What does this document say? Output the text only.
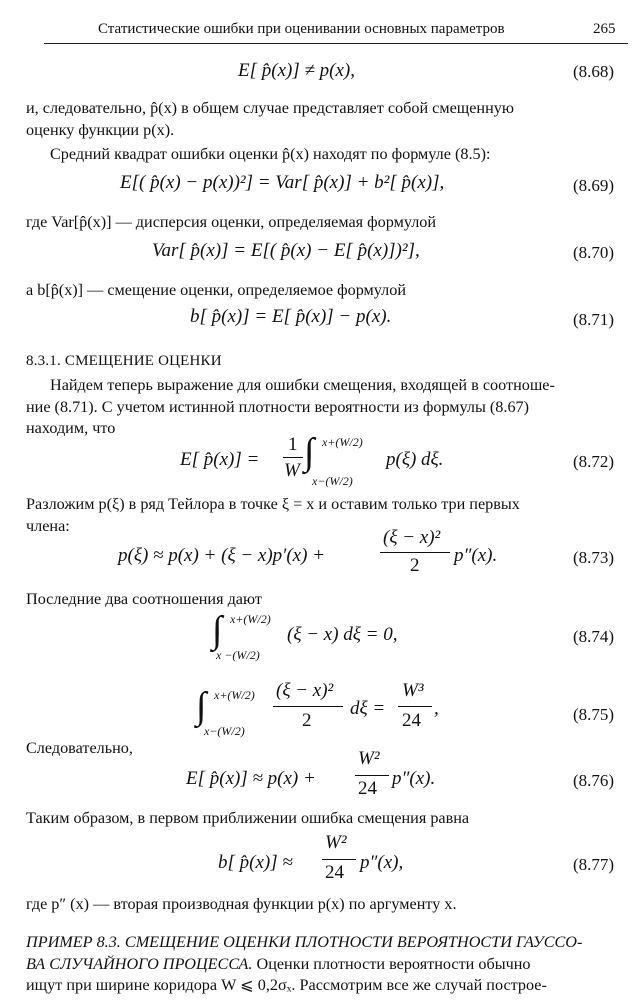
Статистические ошибки при оценивании основных параметров	265
E[ p̂(x)] ≠ p(x),	(8.68)
и, следовательно, p̂(x) в общем случае представляет собой смещенную
оценку функции p(x).
Средний квадрат ошибки оценки p̂(x) находят по формуле (8.5):
E[( p̂(x) − p(x))²] = Var[ p̂(x)] + b²[ p̂(x)],	(8.69)
где Var[p̂(x)] — дисперсия оценки, определяемая формулой
Var[ p̂(x)] = E[( p̂(x) − E[ p̂(x)])²],	(8.70)
а b[p̂(x)] — смещение оценки, определяемое формулой
b[ p̂(x)] = E[ p̂(x)] − p(x).	(8.71)
8.3.1. СМЕЩЕНИЕ ОЦЕНКИ
Найдем теперь выражение для ошибки смещения, входящей в соотноше-
ние (8.71). С учетом истинной плотности вероятности из формулы (8.67)
находим, что
E[ p̂(x)] =
1
W ∫ x+(W/2)
x−(W/2)
p(ξ) dξ.	(8.72)
Разложим p(ξ) в ряд Тейлора в точке ξ = x и оставим только три первых
члена:
p(ξ) ≈ p(x) + (ξ − x)p′(x) +
(ξ − x)²
2 p″(x).	(8.73)
Последние два соотношения дают
∫ x+(W/2)
x −(W/2)
(ξ − x) dξ = 0,	(8.74)
∫ x+(W/2)
x−(W/2)
(ξ − x)²
2
dξ =
W³
24
,	(8.75)
Следовательно,
E[ p̂(x)] ≈ p(x) +
W²
24 p″(x).	(8.76)
Таким образом, в первом приближении ошибка смещения равна
b[ p̂(x)] ≈
W²
24 p″(x),	(8.77)
где p″ (x) — вторая производная функции p(x) по аргументу x.
ПРИМЕР 8.3. СМЕЩЕНИЕ ОЦЕНКИ ПЛОТНОСТИ ВЕРОЯТНОСТИ ГАУССО-
ВА СЛУЧАЙНОГО ПРОЦЕССА. Оценки плотности вероятности обычно
ищут при ширине коридора W ⩽ 0,2σₓ. Рассмотрим все же случай построе-
